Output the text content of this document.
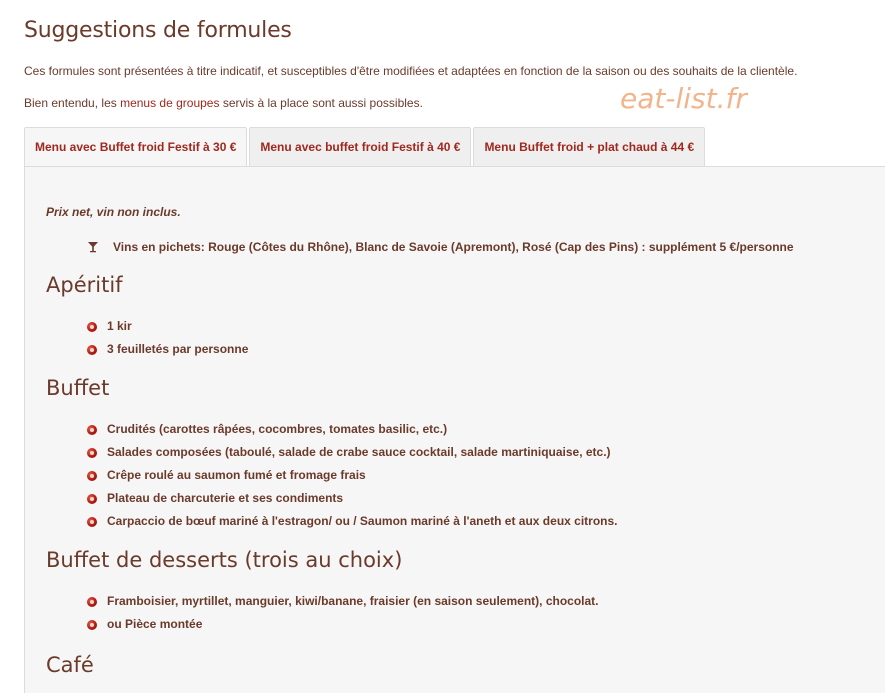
Suggestions de formules

Ces formules sont présentées à titre indicatif, et susceptibles d'être modifiées et adaptées en fonction de la saison ou des souhaits de la clientèle.

Bien entendu, les menus de groupes servis à la place sont aussi possibles.	eat-list.fr
Menu avec Buffet froid Festif à 30 €	Menu avec buffet froid Festif à 40 €	Menu Buffet froid + plat chaud à 44 €
Prix net, vin non inclus.
Vins en pichets: Rouge (Côtes du Rhône), Blanc de Savoie (Apremont), Rosé (Cap des Pins) : supplément 5 €/personne
Apéritif
1 kir
3 feuilletés par personne
Buffet
Crudités (carottes râpées, cocombres, tomates basilic, etc.)
Salades composées (taboulé, salade de crabe sauce cocktail, salade martiniquaise, etc.)
Crêpe roulé au saumon fumé et fromage frais
Plateau de charcuterie et ses condiments
Carpaccio de bœuf mariné à l'estragon/ ou / Saumon mariné à l'aneth et aux deux citrons.
Buffet de desserts (trois au choix)
Framboisier, myrtillet, manguier, kiwi/banane, fraisier (en saison seulement), chocolat.
ou Pièce montée
Café
